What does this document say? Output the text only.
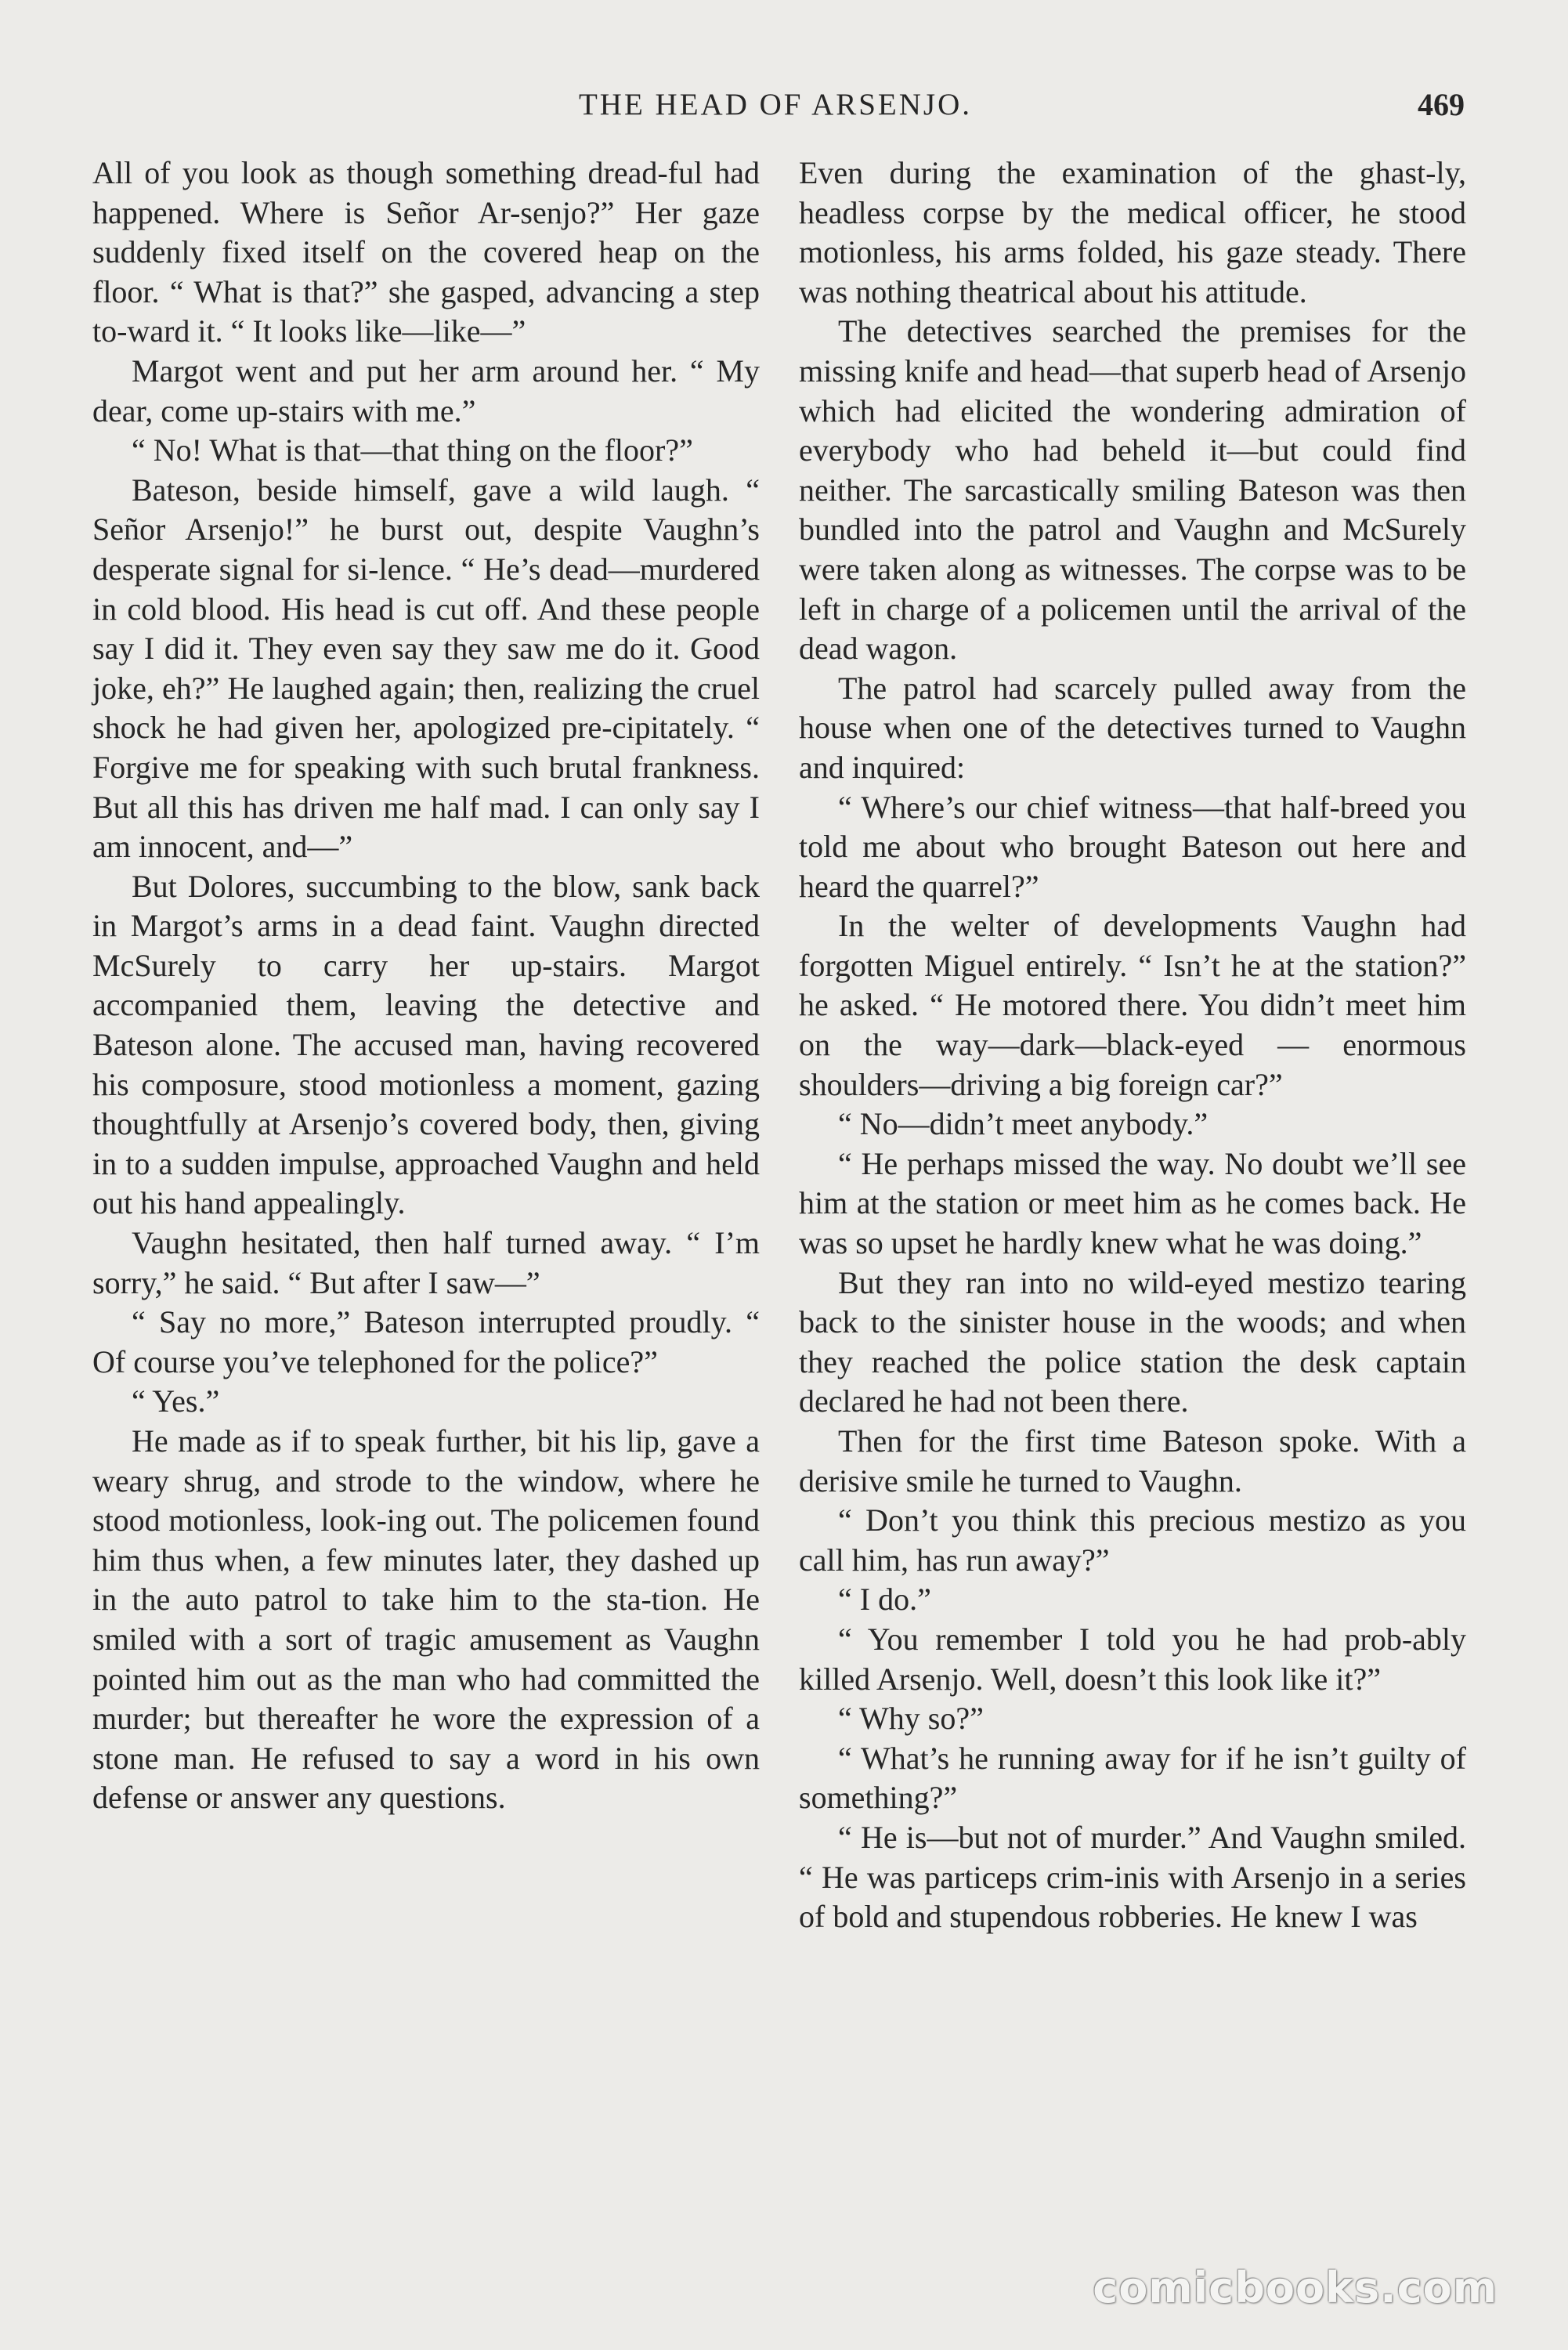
THE HEAD OF ARSENJO.	469

All of you look as though something dread-ful had happened. Where is Señor Ar-senjo?” Her gaze suddenly fixed itself on the covered heap on the floor. “ What is that?” she gasped, advancing a step to-ward it. “ It looks like—like—”

Margot went and put her arm around her. “ My dear, come up-stairs with me.”

“ No! What is that—that thing on the floor?”

Bateson, beside himself, gave a wild laugh. “ Señor Arsenjo!” he burst out, despite Vaughn’s desperate signal for si-lence. “ He’s dead—murdered in cold blood. His head is cut off. And these people say I did it. They even say they saw me do it. Good joke, eh?” He laughed again; then, realizing the cruel shock he had given her, apologized pre-cipitately. “ Forgive me for speaking with such brutal frankness. But all this has driven me half mad. I can only say I am innocent, and—”

But Dolores, succumbing to the blow, sank back in Margot’s arms in a dead faint. Vaughn directed McSurely to carry her up-stairs. Margot accompanied them, leaving the detective and Bateson alone. The accused man, having recovered his composure, stood motionless a moment, gazing thoughtfully at Arsenjo’s covered body, then, giving in to a sudden impulse, approached Vaughn and held out his hand appealingly.

Vaughn hesitated, then half turned away. “ I’m sorry,” he said. “ But after I saw—”

“ Say no more,” Bateson interrupted proudly. “ Of course you’ve telephoned for the police?”

“ Yes.”

He made as if to speak further, bit his lip, gave a weary shrug, and strode to the window, where he stood motionless, look-ing out. The policemen found him thus when, a few minutes later, they dashed up in the auto patrol to take him to the sta-tion. He smiled with a sort of tragic amusement as Vaughn pointed him out as the man who had committed the murder; but thereafter he wore the expression of a stone man. He refused to say a word in his own defense or answer any questions.

Even during the examination of the ghast-ly, headless corpse by the medical officer, he stood motionless, his arms folded, his gaze steady. There was nothing theatrical about his attitude.

The detectives searched the premises for the missing knife and head—that superb head of Arsenjo which had elicited the wondering admiration of everybody who had beheld it—but could find neither. The sarcastically smiling Bateson was then bundled into the patrol and Vaughn and McSurely were taken along as witnesses. The corpse was to be left in charge of a policemen until the arrival of the dead wagon.

The patrol had scarcely pulled away from the house when one of the detectives turned to Vaughn and inquired:

“ Where’s our chief witness—that half-breed you told me about who brought Bateson out here and heard the quarrel?”

In the welter of developments Vaughn had forgotten Miguel entirely. “ Isn’t he at the station?” he asked. “ He motored there. You didn’t meet him on the way—dark—black-eyed — enormous shoulders—driving a big foreign car?”

“ No—didn’t meet anybody.”

“ He perhaps missed the way. No doubt we’ll see him at the station or meet him as he comes back. He was so upset he hardly knew what he was doing.”

But they ran into no wild-eyed mestizo tearing back to the sinister house in the woods; and when they reached the police station the desk captain declared he had not been there.

Then for the first time Bateson spoke. With a derisive smile he turned to Vaughn.

“ Don’t you think this precious mestizo as you call him, has run away?”

“ I do.”

“ You remember I told you he had prob-ably killed Arsenjo. Well, doesn’t this look like it?”

“ Why so?”

“ What’s he running away for if he isn’t guilty of something?”

“ He is—but not of murder.” And Vaughn smiled. “ He was particeps crim-inis with Arsenjo in a series of bold and stupendous robberies. He knew I was

comicbooks.com
